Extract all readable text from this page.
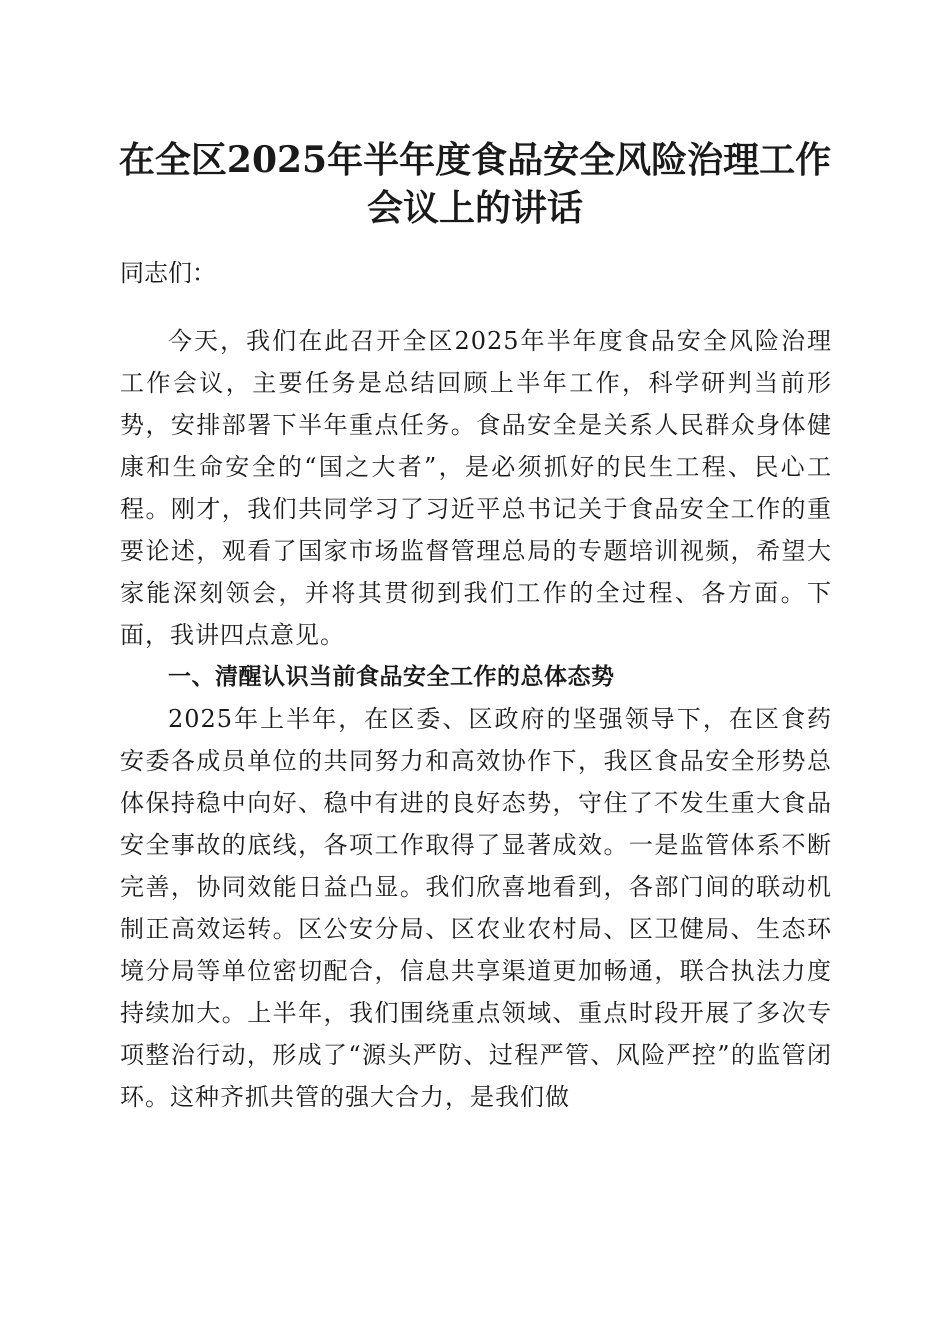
在全区2025年半年度食品安全风险治理工作
会议上的讲话
同志们：

今天，我们在此召开全区2025年半年度食品安全风险治理工作会议，主要任务是总结回顾上半年工作，科学研判当前形势，安排部署下半年重点任务。食品安全是关系人民群众身体健康和生命安全的“国之大者”，是必须抓好的民生工程、民心工程。刚才，我们共同学习了习近平总书记关于食品安全工作的重要论述，观看了国家市场监督管理总局的专题培训视频，希望大家能深刻领会，并将其贯彻到我们工作的全过程、各方面。下面，我讲四点意见。

一、清醒认识当前食品安全工作的总体态势

2025年上半年，在区委、区政府的坚强领导下，在区食药安委各成员单位的共同努力和高效协作下，我区食品安全形势总体保持稳中向好、稳中有进的良好态势，守住了不发生重大食品安全事故的底线，各项工作取得了显著成效。一是监管体系不断完善，协同效能日益凸显。我们欣喜地看到，各部门间的联动机制正高效运转。区公安分局、区农业农村局、区卫健局、生态环境分局等单位密切配合，信息共享渠道更加畅通，联合执法力度持续加大。上半年，我们围绕重点领域、重点时段开展了多次专项整治行动，形成了“源头严防、过程严管、风险严控”的监管闭环。这种齐抓共管的强大合力，是我们做
